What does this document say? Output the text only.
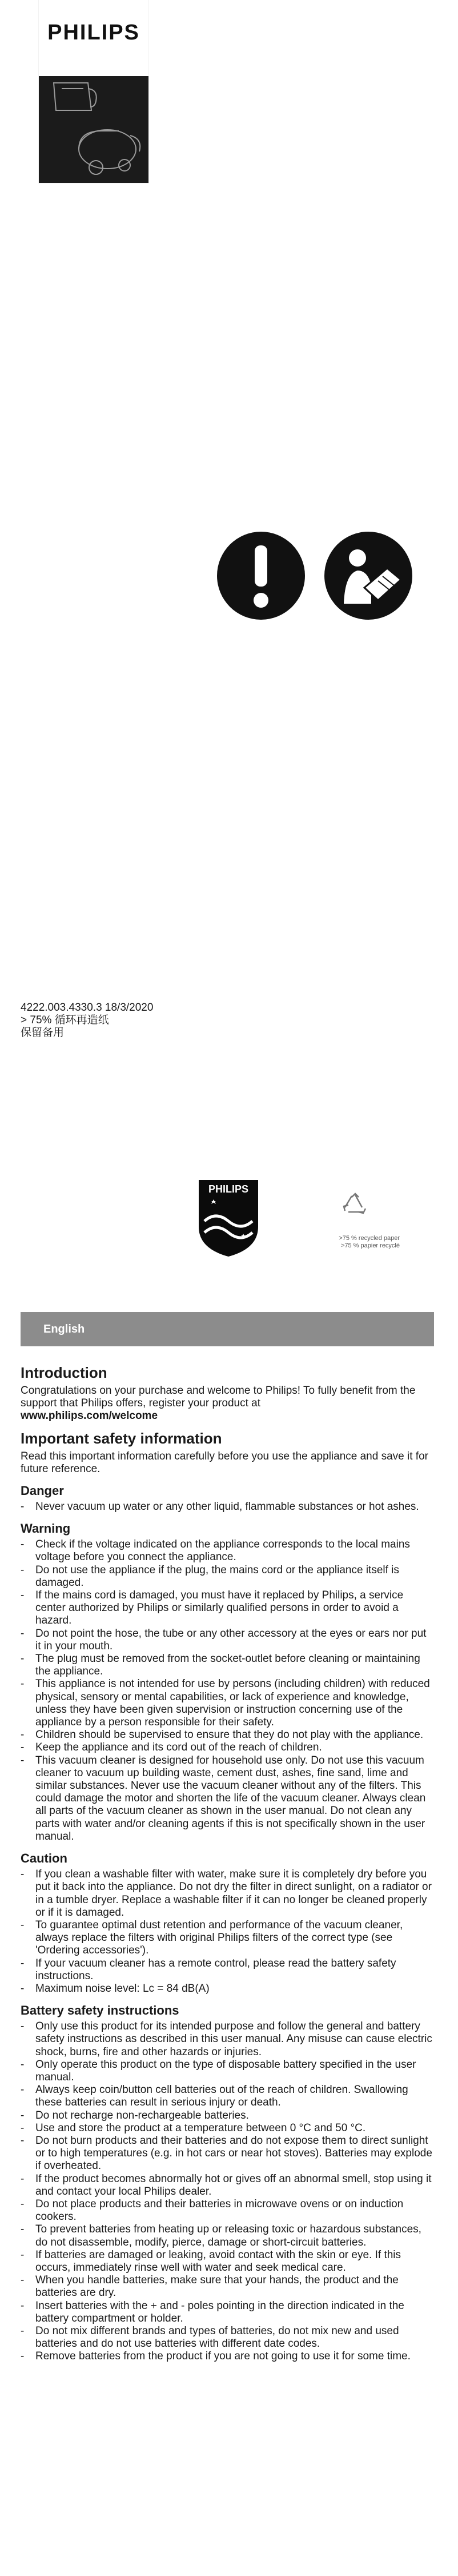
PHILIPS
4222.003.4330.3 18/3/2020
> 75% 循环再造纸
保留备用
PHILIPS
>75 % recycled paper
>75 % papier recyclé
English
Introduction

Congratulations on your purchase and welcome to Philips! To fully benefit from the support that Philips offers, register your product at
www.philips.com/welcome

Important safety information

Read this important information carefully before you use the appliance and save it for future reference.

Danger
- Never vacuum up water or any other liquid, flammable substances or hot ashes.
Warning
- Check if the voltage indicated on the appliance corresponds to the local mains voltage before you connect the appliance.
- Do not use the appliance if the plug, the mains cord or the appliance itself is damaged.
- If the mains cord is damaged, you must have it replaced by Philips, a service center authorized by Philips or similarly qualified persons in order to avoid a hazard.
- Do not point the hose, the tube or any other accessory at the eyes or ears nor put it in your mouth.
- The plug must be removed from the socket-outlet before cleaning or maintaining the appliance.
- This appliance is not intended for use by persons (including children) with reduced physical, sensory or mental capabilities, or lack of experience and knowledge, unless they have been given supervision or instruction concerning use of the appliance by a person responsible for their safety.
- Children should be supervised to ensure that they do not play with the appliance.
- Keep the appliance and its cord out of the reach of children.
- This vacuum cleaner is designed for household use only. Do not use this vacuum cleaner to vacuum up building waste, cement dust, ashes, fine sand, lime and similar substances. Never use the vacuum cleaner without any of the filters. This could damage the motor and shorten the life of the vacuum cleaner. Always clean all parts of the vacuum cleaner as shown in the user manual. Do not clean any parts with water and/or cleaning agents if this is not specifically shown in the user manual.
Caution
- If you clean a washable filter with water, make sure it is completely dry before you put it back into the appliance. Do not dry the filter in direct sunlight, on a radiator or in a tumble dryer. Replace a washable filter if it can no longer be cleaned properly or if it is damaged.
- To guarantee optimal dust retention and performance of the vacuum cleaner, always replace the filters with original Philips filters of the correct type (see 'Ordering accessories').
- If your vacuum cleaner has a remote control, please read the battery safety instructions.
- Maximum noise level: Lc = 84 dB(A)
Battery safety instructions
- Only use this product for its intended purpose and follow the general and battery safety instructions as described in this user manual. Any misuse can cause electric shock, burns, fire and other hazards or injuries.
- Only operate this product on the type of disposable battery specified in the user manual.
- Always keep coin/button cell batteries out of the reach of children. Swallowing these batteries can result in serious injury or death.
- Do not recharge non-rechargeable batteries.
- Use and store the product at a temperature between 0 °C and 50 °C.
- Do not burn products and their batteries and do not expose them to direct sunlight or to high temperatures (e.g. in hot cars or near hot stoves). Batteries may explode if overheated.
- If the product becomes abnormally hot or gives off an abnormal smell, stop using it and contact your local Philips dealer.
- Do not place products and their batteries in microwave ovens or on induction cookers.
- To prevent batteries from heating up or releasing toxic or hazardous substances, do not disassemble, modify, pierce, damage or short-circuit batteries.
- If batteries are damaged or leaking, avoid contact with the skin or eye. If this occurs, immediately rinse well with water and seek medical care.
- When you handle batteries, make sure that your hands, the product and the batteries are dry.
- Insert batteries with the + and - poles pointing in the direction indicated in the battery compartment or holder.
- Do not mix different brands and types of batteries, do not mix new and used batteries and do not use batteries with different date codes.
- Remove batteries from the product if you are not going to use it for some time.
